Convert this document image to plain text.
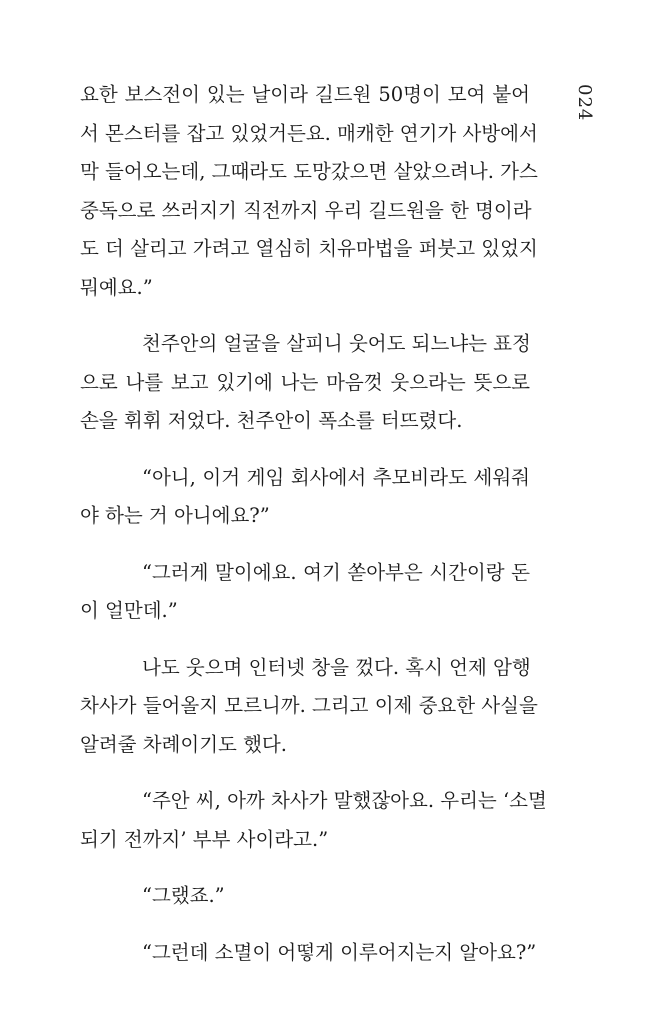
024
요한 보스전이 있는 날이라 길드원 50명이 모여 붙어
서 몬스터를 잡고 있었거든요. 매캐한 연기가 사방에서
막 들어오는데, 그때라도 도망갔으면 살았으려나. 가스
중독으로 쓰러지기 직전까지 우리 길드원을 한 명이라
도 더 살리고 가려고 열심히 치유마법을 퍼붓고 있었지
뭐예요.”
천주안의 얼굴을 살피니 웃어도 되느냐는 표정
으로 나를 보고 있기에 나는 마음껏 웃으라는 뜻으로
손을 휘휘 저었다. 천주안이 폭소를 터뜨렸다.
“아니, 이거 게임 회사에서 추모비라도 세워줘
야 하는 거 아니에요?”
“그러게 말이에요. 여기 쏟아부은 시간이랑 돈
이 얼만데.”
나도 웃으며 인터넷 창을 껐다. 혹시 언제 암행
차사가 들어올지 모르니까. 그리고 이제 중요한 사실을
알려줄 차례이기도 했다.
“주안 씨, 아까 차사가 말했잖아요. 우리는 ‘소멸
되기 전까지’ 부부 사이라고.”
“그랬죠.”
“그런데 소멸이 어떻게 이루어지는지 알아요?”
